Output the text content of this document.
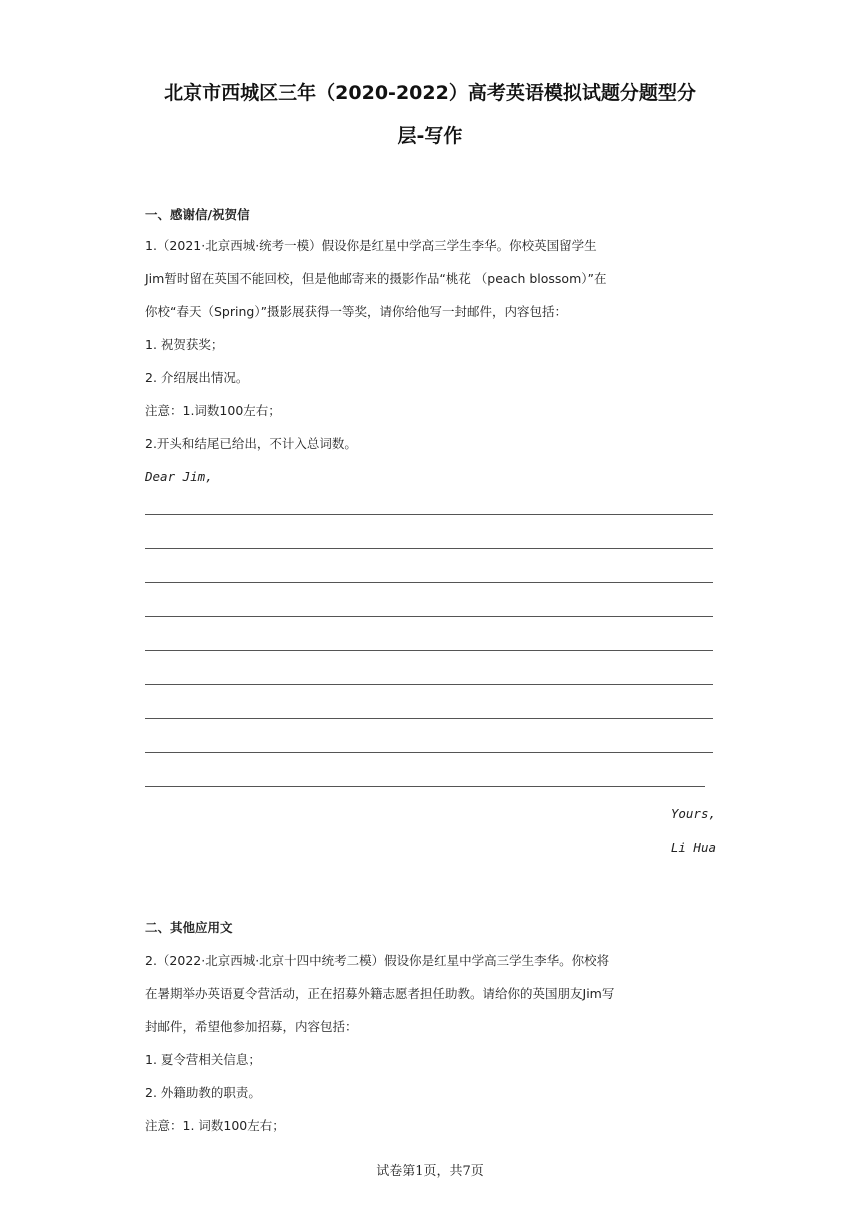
北京市西城区三年（2020-2022）高考英语模拟试题分题型分
层-写作
一、感谢信/祝贺信
1.（2021·北京西城·统考一模）假设你是红星中学高三学生李华。你校英国留学生
Jim暂时留在英国不能回校，但是他邮寄来的摄影作品“桃花 （peach blossom）”在
你校“春天（Spring）”摄影展获得一等奖，请你给他写一封邮件，内容包括：
1. 祝贺获奖；
2. 介绍展出情况。
注意：1.词数100左右；
2.开头和结尾已给出，不计入总词数。
Dear Jim,
Yours,
Li Hua
二、其他应用文
2.（2022·北京西城·北京十四中统考二模）假设你是红星中学高三学生李华。你校将
在暑期举办英语夏令营活动，正在招募外籍志愿者担任助教。请给你的英国朋友Jim写
封邮件，希望他参加招募，内容包括：
1. 夏令营相关信息；
2. 外籍助教的职责。
注意：1. 词数100左右；
试卷第1页，共7页
